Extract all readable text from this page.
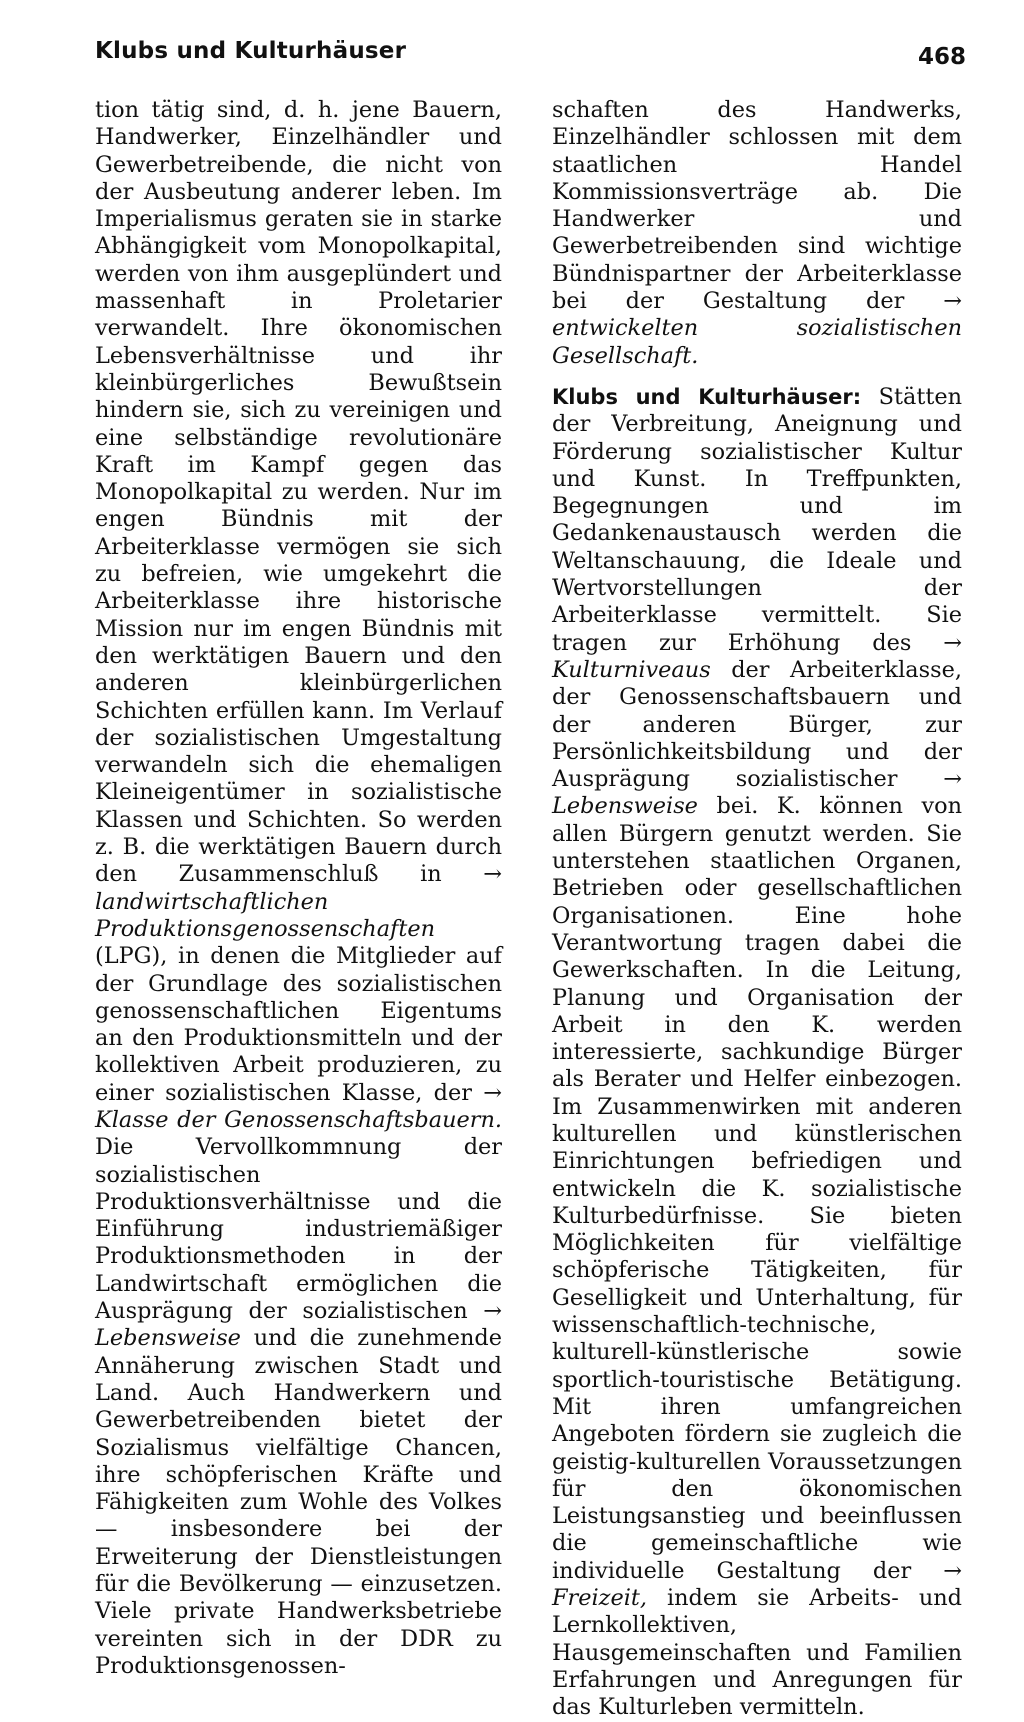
Klubs und Kulturhäuser	468

tion tätig sind, d. h. jene Bauern, Handwerker, Einzelhändler und Gewerbetreibende, die nicht von der Ausbeutung anderer leben. Im Imperialismus geraten sie in starke Abhängigkeit vom Monopolkapital, werden von ihm ausgeplündert und massenhaft in Proletarier verwandelt. Ihre ökonomischen Lebensverhältnisse und ihr kleinbürgerliches Bewußtsein hindern sie, sich zu vereinigen und eine selbständige revolutionäre Kraft im Kampf gegen das Monopolkapital zu werden. Nur im engen Bündnis mit der Arbeiterklasse vermögen sie sich zu befreien, wie umgekehrt die Arbeiterklasse ihre historische Mission nur im engen Bündnis mit den werktätigen Bauern und den anderen kleinbürgerlichen Schichten erfüllen kann. Im Verlauf der sozialistischen Umgestaltung verwandeln sich die ehemaligen Kleineigentümer in sozialistische Klassen und Schichten. So werden z. B. die werktätigen Bauern durch den Zusammenschluß in → landwirtschaftlichen Produktionsgenossenschaften (LPG), in denen die Mitglieder auf der Grundlage des sozialistischen genossenschaftlichen Eigentums an den Produktionsmitteln und der kollektiven Arbeit produzieren, zu einer sozialistischen Klasse, der → Klasse der Genossenschaftsbauern. Die Vervollkommnung der sozialistischen Produktionsverhältnisse und die Einführung industriemäßiger Produktionsmethoden in der Landwirtschaft ermöglichen die Ausprägung der sozialistischen → Lebensweise und die zunehmende Annäherung zwischen Stadt und Land. Auch Handwerkern und Gewerbetreibenden bietet der Sozialismus vielfältige Chancen, ihre schöpferischen Kräfte und Fähigkeiten zum Wohle des Volkes — insbesondere bei der Erweiterung der Dienstleistungen für die Bevölkerung — einzusetzen. Viele private Handwerksbetriebe vereinten sich in der DDR zu Produktionsgenossen-

schaften des Handwerks, Einzelhändler schlossen mit dem staatlichen Handel Kommissionsverträge ab. Die Handwerker und Gewerbetreibenden sind wichtige Bündnispartner der Arbeiterklasse bei der Gestaltung der → entwickelten sozialistischen Gesellschaft.

Klubs und Kulturhäuser: Stätten der Verbreitung, Aneignung und Förderung sozialistischer Kultur und Kunst. In Treffpunkten, Begegnungen und im Gedankenaustausch werden die Weltanschauung, die Ideale und Wertvorstellungen der Arbeiterklasse vermittelt. Sie tragen zur Erhöhung des → Kulturniveaus der Arbeiterklasse, der Genossenschaftsbauern und der anderen Bürger, zur Persönlichkeitsbildung und der Ausprägung sozialistischer → Lebensweise bei. K. können von allen Bürgern genutzt werden. Sie unterstehen staatlichen Organen, Betrieben oder gesellschaftlichen Organisationen. Eine hohe Verantwortung tragen dabei die Gewerkschaften. In die Leitung, Planung und Organisation der Arbeit in den K. werden interessierte, sachkundige Bürger als Berater und Helfer einbezogen. Im Zusammenwirken mit anderen kulturellen und künstlerischen Einrichtungen befriedigen und entwickeln die K. sozialistische Kulturbedürfnisse. Sie bieten Möglichkeiten für vielfältige schöpferische Tätigkeiten, für Geselligkeit und Unterhaltung, für wissenschaftlich-technische, kulturell-künstlerische sowie sportlich-touristische Betätigung. Mit ihren umfangreichen Angeboten fördern sie zugleich die geistig-kulturellen Voraussetzungen für den ökonomischen Leistungsanstieg und beeinflussen die gemeinschaftliche wie individuelle Gestaltung der → Freizeit, indem sie Arbeits- und Lernkollektiven, Hausgemeinschaften und Familien Erfahrungen und Anregungen für das Kulturleben vermitteln.
